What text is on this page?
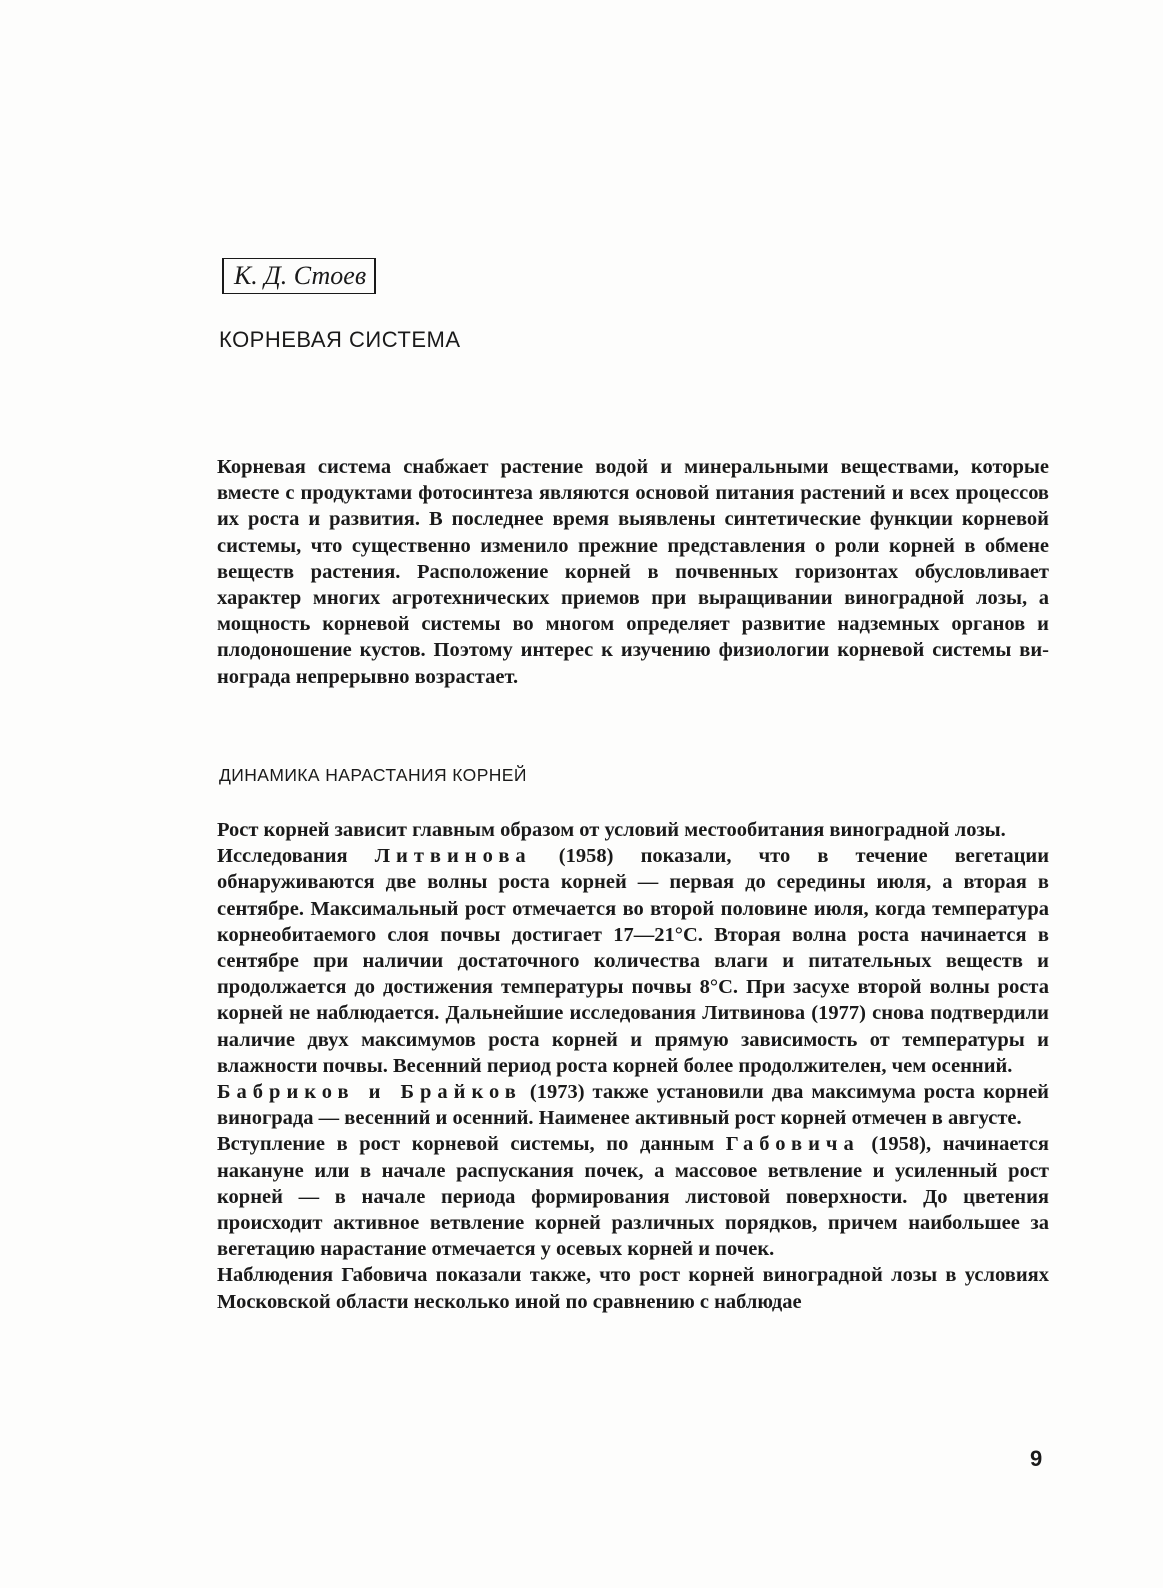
К. Д. Стоев
КОРНЕВАЯ СИСТЕМА

Корневая система снабжает растение водой и минеральными веществами, которые вместе с продуктами фотосинтеза являются основой питания растений и всех процессов их роста и развития. В последнее время выявлены синтетические функции корневой системы, что существенно изменило прежние представления о роли корней в обмене веществ растения. Расположение корней в почвенных горизонтах обусловливает характер многих агротехнических приемов при выращивании виноградной лозы, а мощность корневой системы во многом определяет развитие надземных органов и плодоношение кустов. Поэтому интерес к изучению физиологии корневой системы винограда непрерывно возрастает.

ДИНАМИКА НАРАСТАНИЯ КОРНЕЙ

Рост корней зависит главным образом от условий местообитания виноградной лозы.

Исследования Литвинова (1958) показали, что в течение вегетации обнаруживаются две волны роста корней — первая до середины июля, а вторая в сентябре. Максимальный рост отмечается во второй половине июля, когда температура корнеобитаемого слоя почвы достигает 17—21°С. Вторая волна роста начинается в сентябре при наличии достаточного количества влаги и питательных веществ и продолжается до достижения температуры почвы 8°С. При засухе второй волны роста корней не наблюдается. Дальнейшие исследования Литвинова (1977) снова подтвердили наличие двух максимумов роста корней и прямую зависимость от температуры и влажности почвы. Весенний период роста корней более продолжителен, чем осенний.

Бабриков и Брайков (1973) также установили два максимума роста корней винограда — весенний и осенний. Наименее активный рост корней отмечен в августе.

Вступление в рост корневой системы, по данным Габовича (1958), начинается накануне или в начале распускания почек, а массовое ветвление и усиленный рост корней — в начале периода формирования листовой поверхности. До цветения происходит активное ветвление корней различных порядков, причем наибольшее за вегетацию нарастание отмечается у осевых корней и почек.

Наблюдения Габовича показали также, что рост корней виноградной лозы в условиях Московской области несколько иной по сравнению с наблюдае

9
